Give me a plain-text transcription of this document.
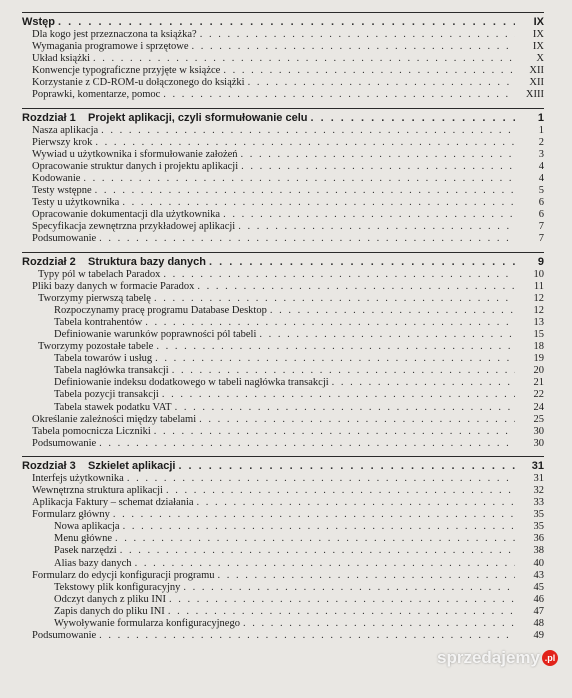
Wstęp . . .	IX
Dla kogo jest przeznaczona ta książka? . . .	IX
Wymagania programowe i sprzętowe . . .	IX
Układ książki . . .	X
Konwencje typograficzne przyjęte w książce . . .	XII
Korzystanie z CD-ROM-u dołączonego do książki . . .	XII
Poprawki, komentarze, pomoc . . .	XIII
Rozdział 1	Projekt aplikacji, czyli sformułowanie celu . . .	1
Nasza aplikacja . . .	1
Pierwszy krok . . .	2
Wywiad u użytkownika i sformułowanie założeń . . .	3
Opracowanie struktur danych i projektu aplikacji . . .	4
Kodowanie . . .	4
Testy wstępne . . .	5
Testy u użytkownika . . .	6
Opracowanie dokumentacji dla użytkownika . . .	6
Specyfikacja zewnętrzna przykładowej aplikacji . . .	7
Podsumowanie . . .	7
Rozdział 2	Struktura bazy danych . . .	9
Typy pól w tabelach Paradox . . .	10
Pliki bazy danych w formacie Paradox . . .	11
Tworzymy pierwszą tabelę . . .	12
Rozpoczynamy pracę programu Database Desktop . . .	12
Tabela kontrahentów . . .	13
Definiowanie warunków poprawności pól tabeli . . .	15
Tworzymy pozostałe tabele . . .	18
Tabela towarów i usług . . .	19
Tabela nagłówka transakcji . . .	20
Definiowanie indeksu dodatkowego w tabeli nagłówka transakcji . . .	21
Tabela pozycji transakcji . . .	22
Tabela stawek podatku VAT . . .	24
Określanie zależności między tabelami . . .	25
Tabela pomocnicza Liczniki . . .	30
Podsumowanie . . .	30
Rozdział 3	Szkielet aplikacji . . .	31
Interfejs użytkownika . . .	31
Wewnętrzna struktura aplikacji . . .	32
Aplikacja Faktury – schemat działania . . .	33
Formularz główny . . .	35
Nowa aplikacja . . .	35
Menu główne . . .	36
Pasek narzędzi . . .	38
Alias bazy danych . . .	40
Formularz do edycji konfiguracji programu . . .	43
Tekstowy plik konfiguracyjny . . .	45
Odczyt danych z pliku INI . . .	46
Zapis danych do pliku INI . . .	47
Wywoływanie formularza konfiguracyjnego . . .	48
Podsumowanie . . .	49
sprzedajemy .pl
